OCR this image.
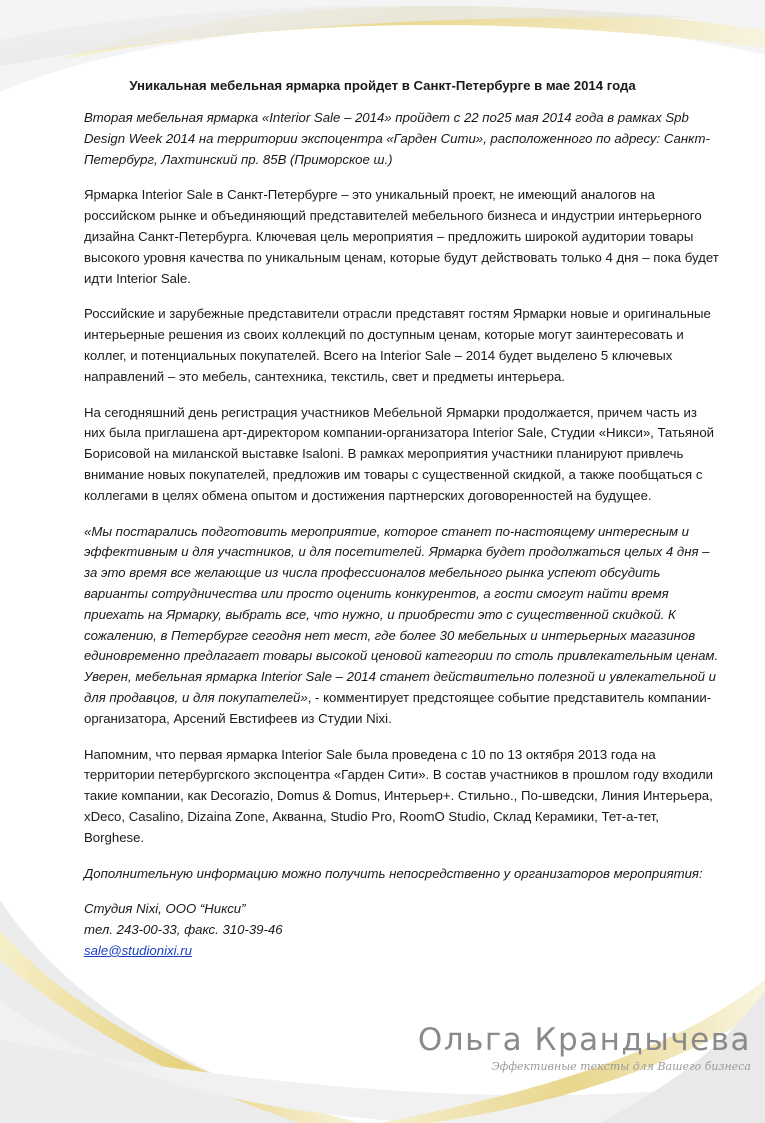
Уникальная мебельная ярмарка пройдет в Санкт-Петербурге в мае 2014 года

Вторая мебельная ярмарка «Interior Sale – 2014» пройдет с 22 по25 мая 2014 года в рамках Spb Design Week 2014 на территории экспоцентра «Гарден Сити», расположенного по адресу: Санкт-Петербург, Лахтинский пр. 85В (Приморское ш.)

Ярмарка Interior Sale в Санкт-Петербурге – это уникальный проект, не имеющий аналогов на российском рынке и объединяющий представителей мебельного бизнеса и индустрии интерьерного дизайна Санкт-Петербурга. Ключевая цель мероприятия – предложить широкой аудитории товары высокого уровня качества по уникальным ценам, которые будут действовать только 4 дня – пока будет идти Interior Sale.

Российские и зарубежные представители отрасли представят гостям Ярмарки новые и оригинальные интерьерные решения из своих коллекций по доступным ценам, которые могут заинтересовать и коллег, и потенциальных покупателей. Всего на Interior Sale – 2014 будет выделено 5 ключевых направлений – это мебель, сантехника, текстиль, свет и предметы интерьера.

На сегодняшний день регистрация участников Мебельной Ярмарки продолжается, причем часть из них была приглашена арт-директором компании-организатора Interior Sale, Студии «Никси», Татьяной Борисовой на миланской выставке Isaloni. В рамках мероприятия участники планируют привлечь внимание новых покупателей, предложив им товары с существенной скидкой, а также пообщаться с коллегами в целях обмена опытом и достижения партнерских договоренностей на будущее.

«Мы постарались подготовить мероприятие, которое станет по-настоящему интересным и эффективным и для участников, и для посетителей. Ярмарка будет продолжаться целых 4 дня – за это время все желающие из числа профессионалов мебельного рынка успеют обсудить варианты сотрудничества или просто оценить конкурентов, а гости смогут найти время приехать на Ярмарку, выбрать все, что нужно, и приобрести это с существенной скидкой. К сожалению, в Петербурге сегодня нет мест, где более 30 мебельных и интерьерных магазинов единовременно предлагает товары высокой ценовой категории по столь привлекательным ценам. Уверен, мебельная ярмарка Interior Sale – 2014 станет действительно полезной и увлекательной и для продавцов, и для покупателей», - комментирует предстоящее событие представитель компании-организатора, Арсений Евстифеев из Студии Nixi.

Напомним, что первая ярмарка Interior Sale была проведена с 10 по 13 октября 2013 года на территории петербургского экспоцентра «Гарден Сити». В состав участников в прошлом году входили такие компании, как Decorazio, Domus & Domus, Интерьер+. Стильно., По-шведски, Линия Интерьера, xDeco, Casalino, Dizaina Zone, Акванна, Studio Pro, RoomO Studio, Склад Керамики, Тет-а-тет, Borghese.

Дополнительную информацию можно получить непосредственно у организаторов мероприятия:

Студия Nixi, ООО “Никси”
тел. 243-00-33, факс. 310-39-46
sale@studionixi.ru

Ольга Крандычева
Эффективные тексты для Вашего бизнеса
